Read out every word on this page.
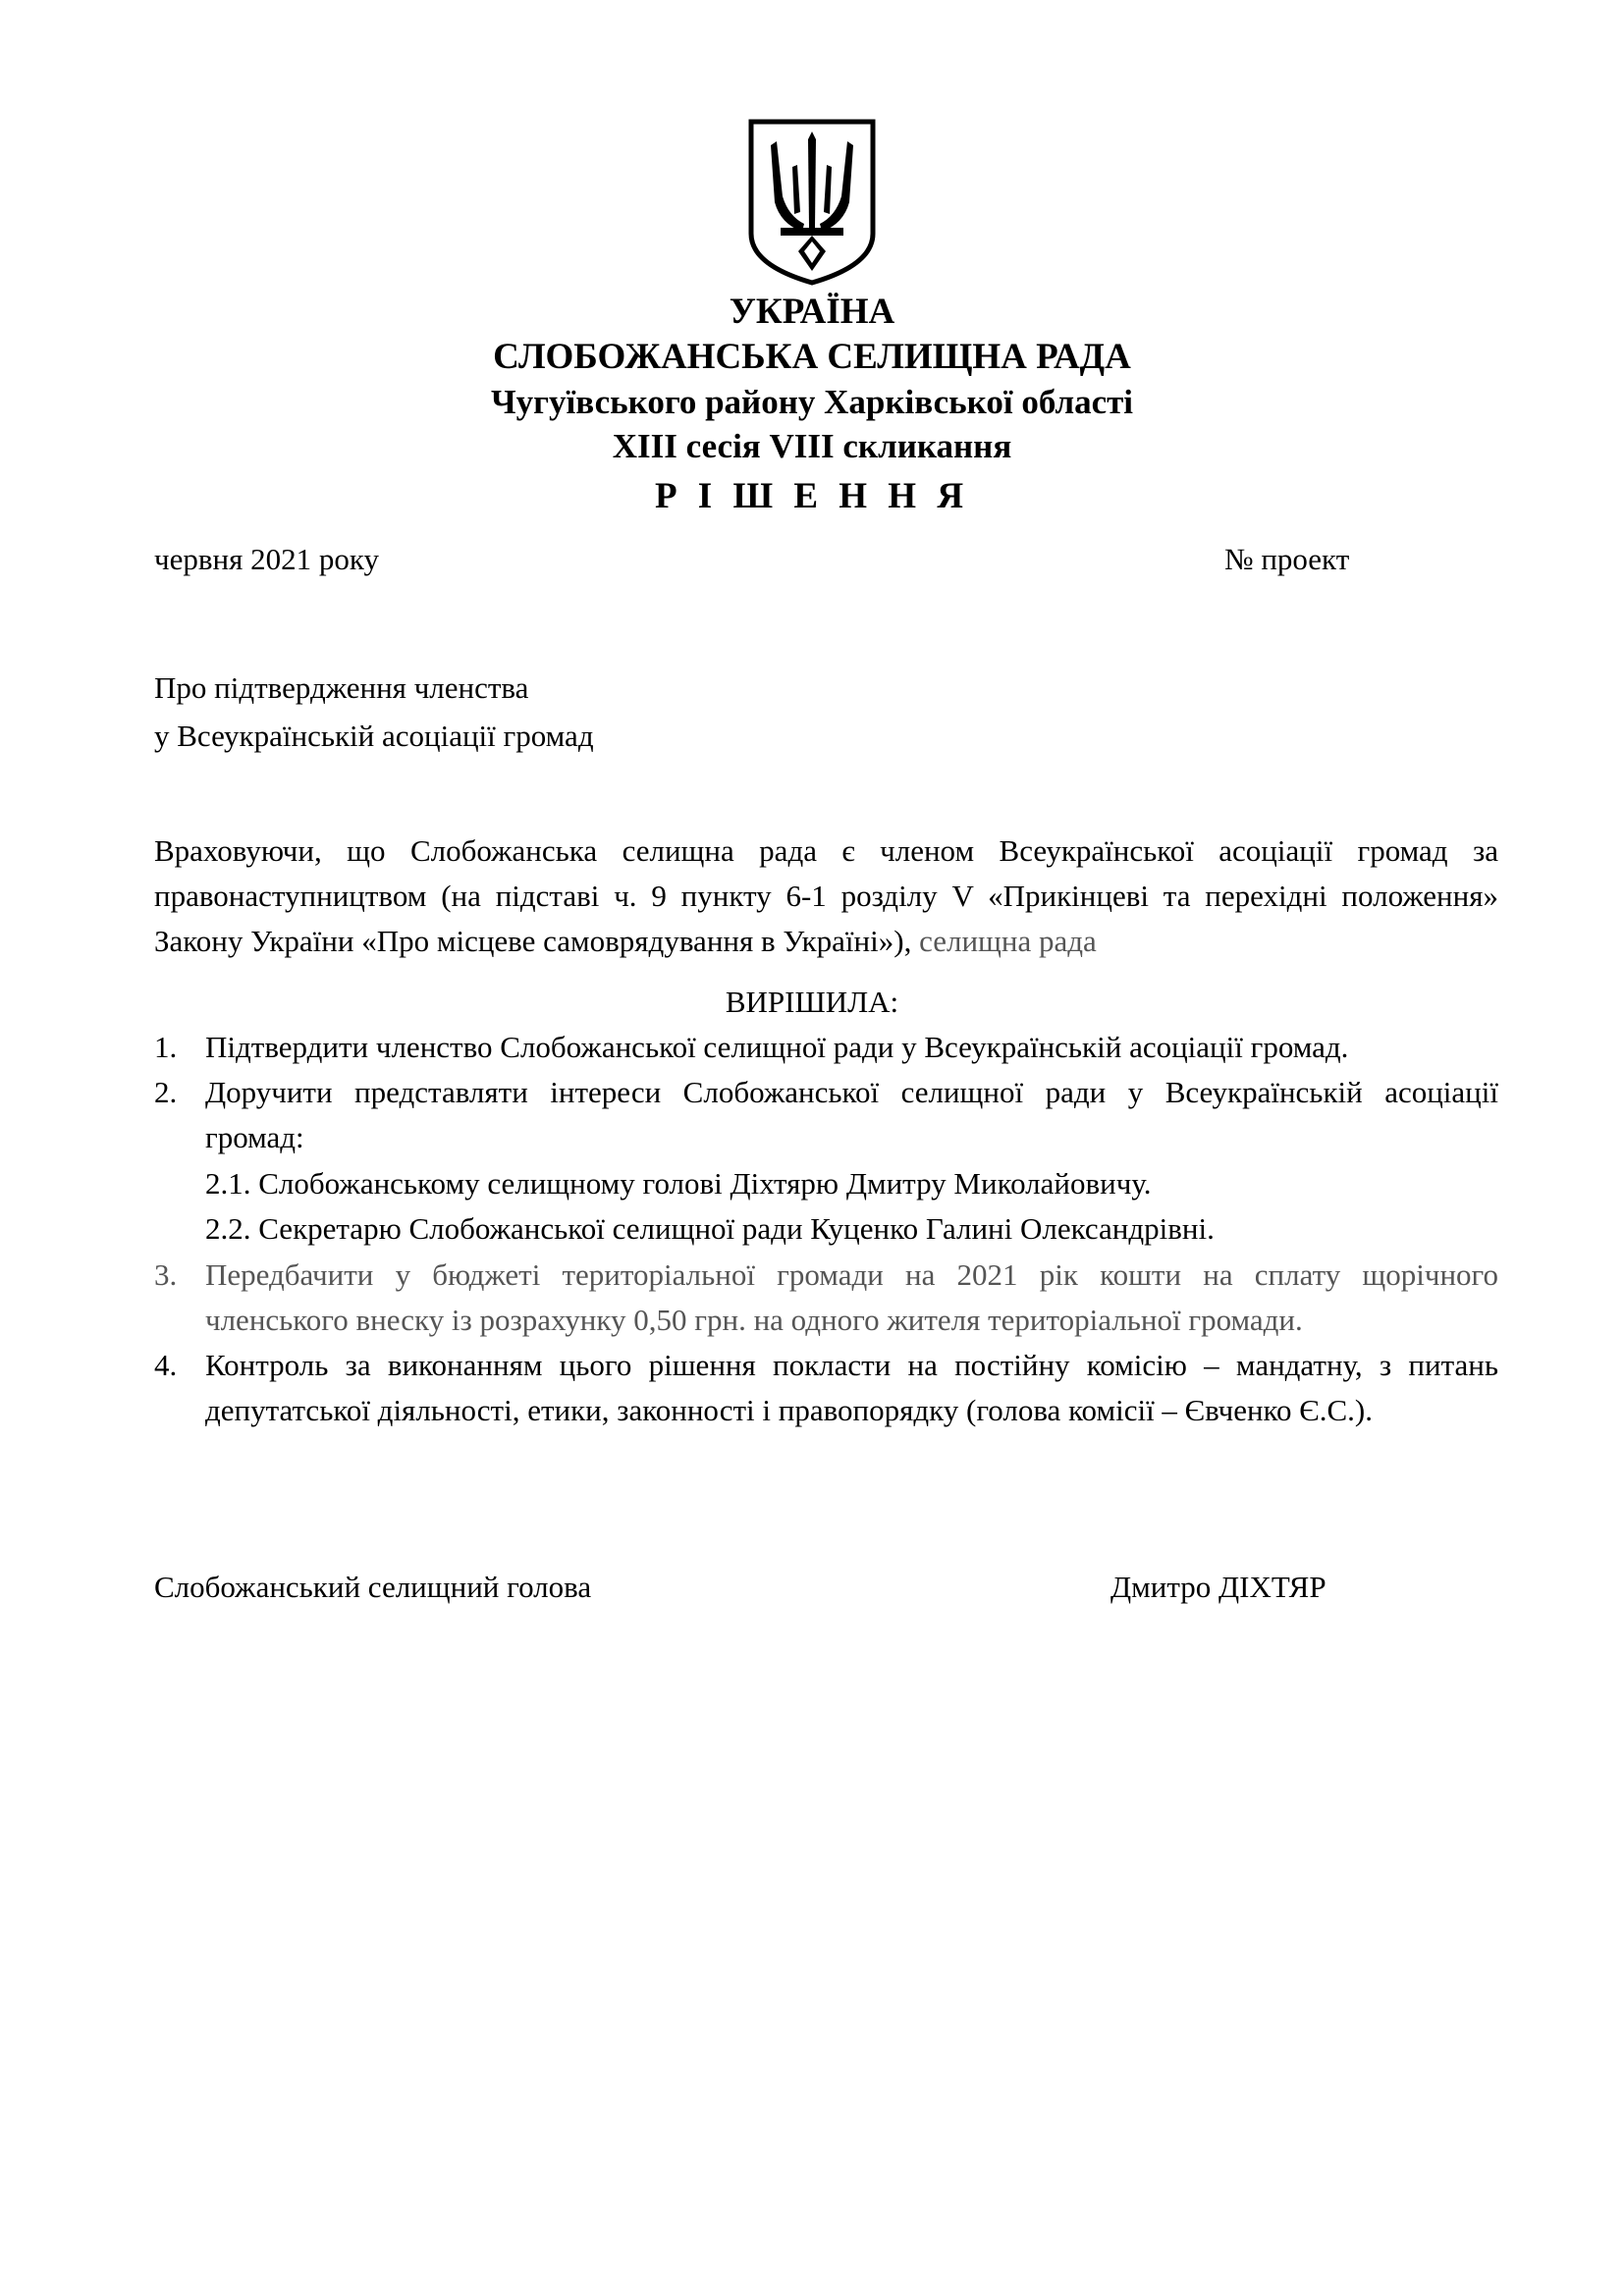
УКРАЇНА
СЛОБОЖАНСЬКА СЕЛИЩНА РАДА
Чугуївського району Харківської області
XIII сесія VIII скликання
Р І Ш Е Н Н Я
червня 2021 року	№ проект
Про підтвердження членства
у Всеукраїнській асоціації громад
Враховуючи, що Слобожанська селищна рада є членом Всеукраїнської асоціації громад за
правонаступництвом (на підставі ч. 9 пункту 6-1 розділу V «Прикінцеві та перехідні положення»
Закону України «Про місцеве самоврядування в Україні»), селищна рада
ВИРІШИЛА:
1. Підтвердити членство Слобожанської селищної ради у Всеукраїнській асоціації громад.
2. Доручити представляти інтереси Слобожанської селищної ради у Всеукраїнській асоціації
громад:
2.1. Слобожанському селищному голові Діхтярю Дмитру Миколайовичу.
2.2. Секретарю Слобожанської селищної ради Куценко Галині Олександрівні.
3. Передбачити у бюджеті територіальної громади на 2021 рік кошти на сплату щорічного
членського внеску із розрахунку 0,50 грн. на одного жителя територіальної громади.
4. Контроль за виконанням цього рішення покласти на постійну комісію – мандатну, з питань
депутатської діяльності, етики, законності і правопорядку (голова комісії – Євченко Є.С.).
Слобожанський селищний голова	Дмитро ДІХТЯР
